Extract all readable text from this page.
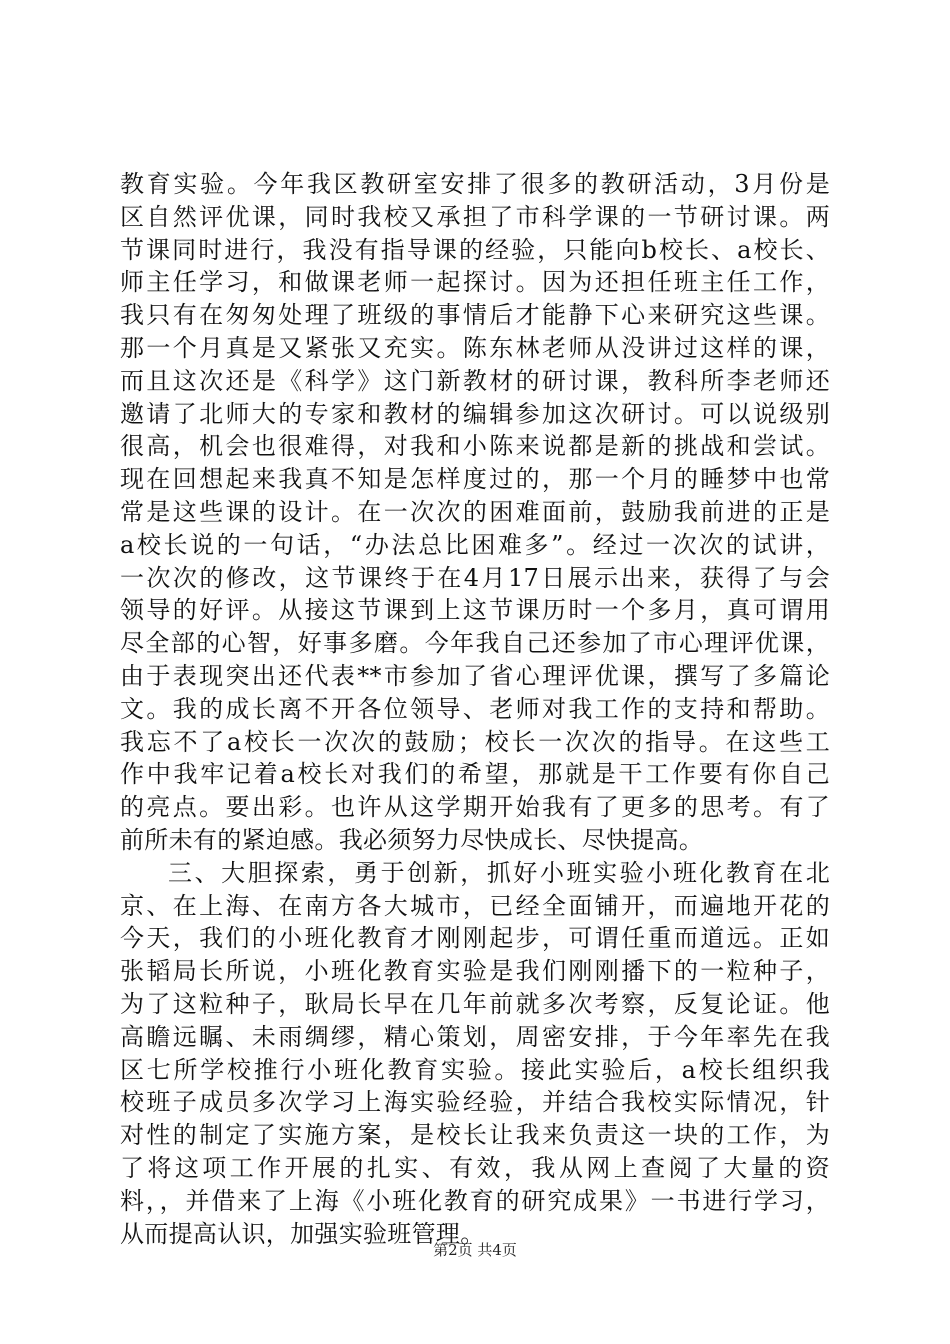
教育实验。今年我区教研室安排了很多的教研活动，3月份是
区自然评优课，同时我校又承担了市科学课的一节研讨课。两
节课同时进行，我没有指导课的经验，只能向b校长、a校长、
师主任学习，和做课老师一起探讨。因为还担任班主任工作，
我只有在匆匆处理了班级的事情后才能静下心来研究这些课。
那一个月真是又紧张又充实。陈东林老师从没讲过这样的课，
而且这次还是《科学》这门新教材的研讨课，教科所李老师还
邀请了北师大的专家和教材的编辑参加这次研讨。可以说级别
很高，机会也很难得，对我和小陈来说都是新的挑战和尝试。
现在回想起来我真不知是怎样度过的，那一个月的睡梦中也常
常是这些课的设计。在一次次的困难面前，鼓励我前进的正是
a校长说的一句话，“办法总比困难多”。经过一次次的试讲，
一次次的修改，这节课终于在4月17日展示出来，获得了与会
领导的好评。从接这节课到上这节课历时一个多月，真可谓用
尽全部的心智，好事多磨。今年我自己还参加了市心理评优课，
由于表现突出还代表**市参加了省心理评优课，撰写了多篇论
文。我的成长离不开各位领导、老师对我工作的支持和帮助。
我忘不了a校长一次次的鼓励；校长一次次的指导。在这些工
作中我牢记着a校长对我们的希望，那就是干工作要有你自己
的亮点。要出彩。也许从这学期开始我有了更多的思考。有了
前所未有的紧迫感。我必须努力尽快成长、尽快提高。
三、大胆探索，勇于创新，抓好小班实验小班化教育在北
京、在上海、在南方各大城市，已经全面铺开，而遍地开花的
今天，我们的小班化教育才刚刚起步，可谓任重而道远。正如
张韬局长所说，小班化教育实验是我们刚刚播下的一粒种子，
为了这粒种子，耿局长早在几年前就多次考察，反复论证。他
高瞻远瞩、未雨绸缪，精心策划，周密安排，于今年率先在我
区七所学校推行小班化教育实验。接此实验后，a校长组织我
校班子成员多次学习上海实验经验，并结合我校实际情况，针
对性的制定了实施方案，是校长让我来负责这一块的工作，为
了将这项工作开展的扎实、有效，我从网上查阅了大量的资
料，，并借来了上海《小班化教育的研究成果》一书进行学习，
从而提高认识，加强实验班管理。
第2页 共4页
